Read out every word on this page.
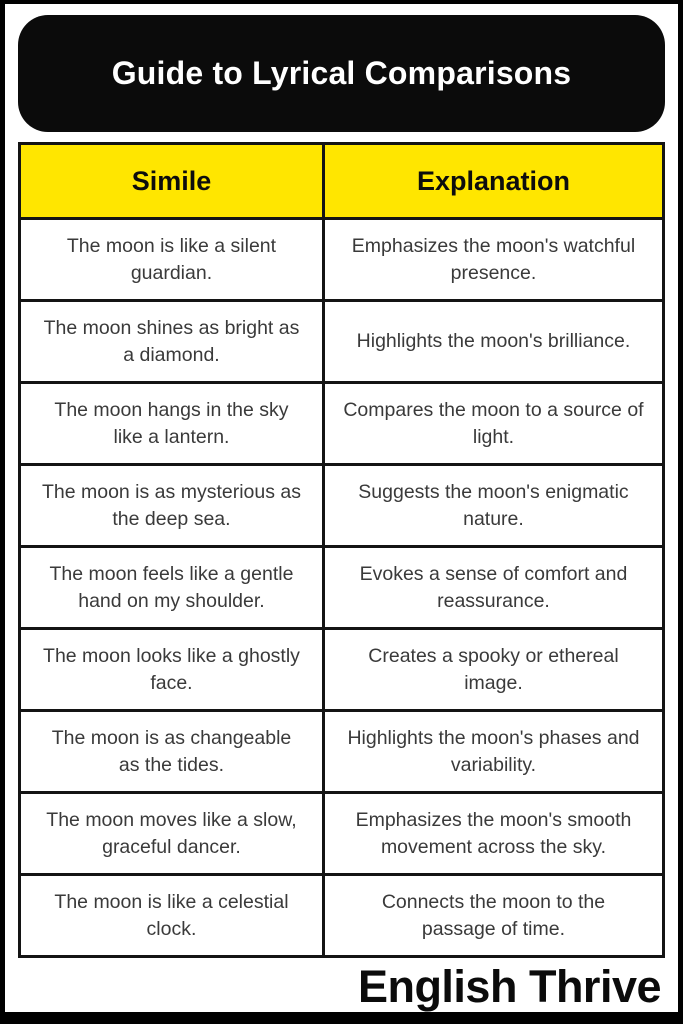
Guide to Lyrical Comparisons
Simile	Explanation
The moon is like a silent guardian.	Emphasizes the moon's watchful presence.
The moon shines as bright as a diamond.	Highlights the moon's brilliance.
The moon hangs in the sky like a lantern.	Compares the moon to a source of light.
The moon is as mysterious as the deep sea.	Suggests the moon's enigmatic nature.
The moon feels like a gentle hand on my shoulder.	Evokes a sense of comfort and reassurance.
The moon looks like a ghostly face.	Creates a spooky or ethereal image.
The moon is as changeable as the tides.	Highlights the moon's phases and variability.
The moon moves like a slow, graceful dancer.	Emphasizes the moon's smooth movement across the sky.
The moon is like a celestial clock.	Connects the moon to the passage of time.
English Thrive
